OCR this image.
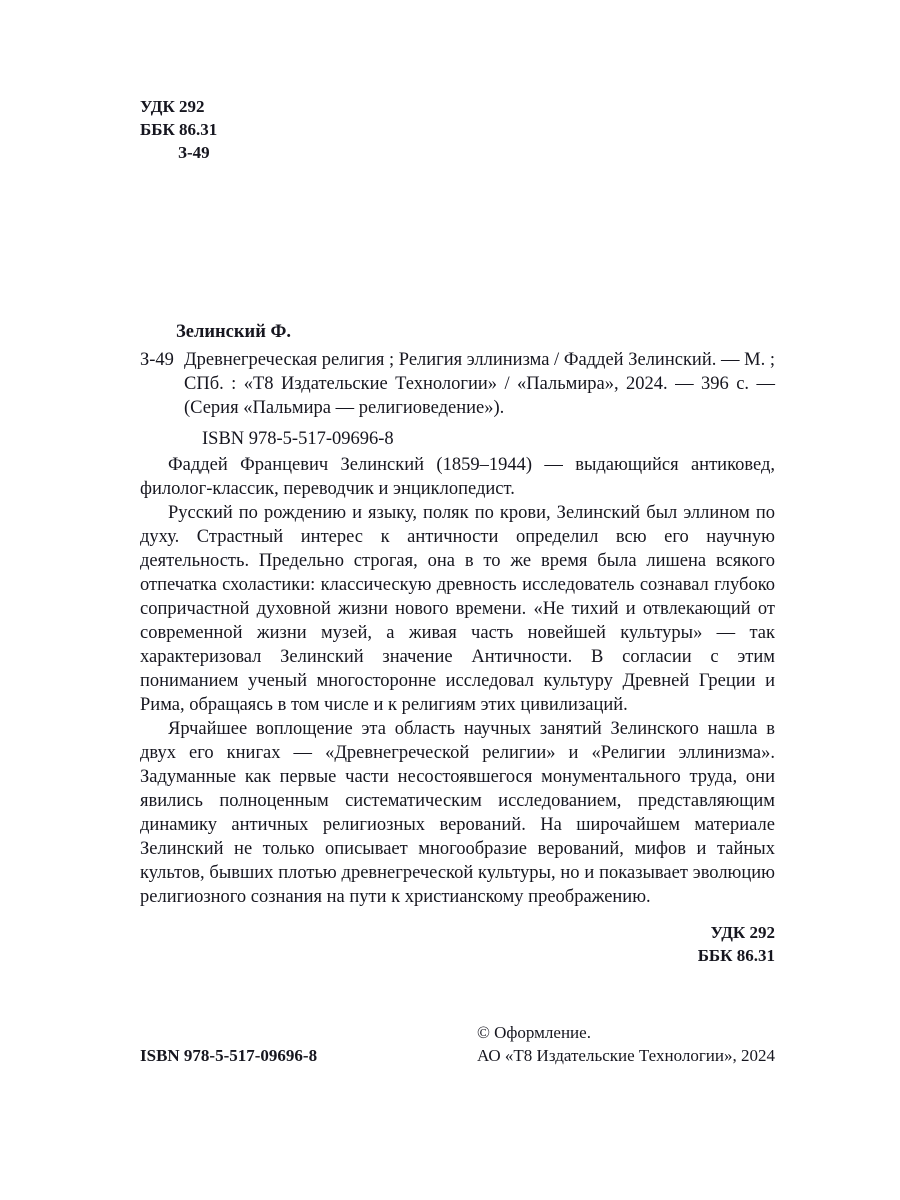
УДК 292
ББК 86.31
З-49
Зелинский Ф.
З-49 Древнегреческая религия ; Религия эллинизма / Фаддей Зелинский. — М. ; СПб. : «Т8 Издательские Технологии» / «Пальмира», 2024. — 396 с. — (Серия «Пальмира — религиоведение»).
ISBN 978-5-517-09696-8

Фаддей Францевич Зелинский (1859–1944) — выдающийся антиковед, филолог-классик, переводчик и энциклопедист.

Русский по рождению и языку, поляк по крови, Зелинский был эллином по духу. Страстный интерес к античности определил всю его научную деятельность. Предельно строгая, она в то же время была лишена всякого отпечатка схоластики: классическую древность исследователь сознавал глубоко сопричастной духовной жизни нового времени. «Не тихий и отвлекающий от современной жизни музей, а живая часть новейшей культуры» — так характеризовал Зелинский значение Античности. В согласии с этим пониманием ученый многосторонне исследовал культуру Древней Греции и Рима, обращаясь в том числе и к религиям этих цивилизаций.

Ярчайшее воплощение эта область научных занятий Зелинского нашла в двух его книгах — «Древнегреческой религии» и «Религии эллинизма». Задуманные как первые части несостоявшегося монументального труда, они явились полноценным систематическим исследованием, представляющим динамику античных религиозных верований. На широчайшем материале Зелинский не только описывает многообразие верований, мифов и тайных культов, бывших плотью древнегреческой культуры, но и показывает эволюцию религиозного сознания на пути к христианскому преображению.

УДК 292
ББК 86.31
ISBN 978-5-517-09696-8
© Оформление.
АО «Т8 Издательские Технологии», 2024
